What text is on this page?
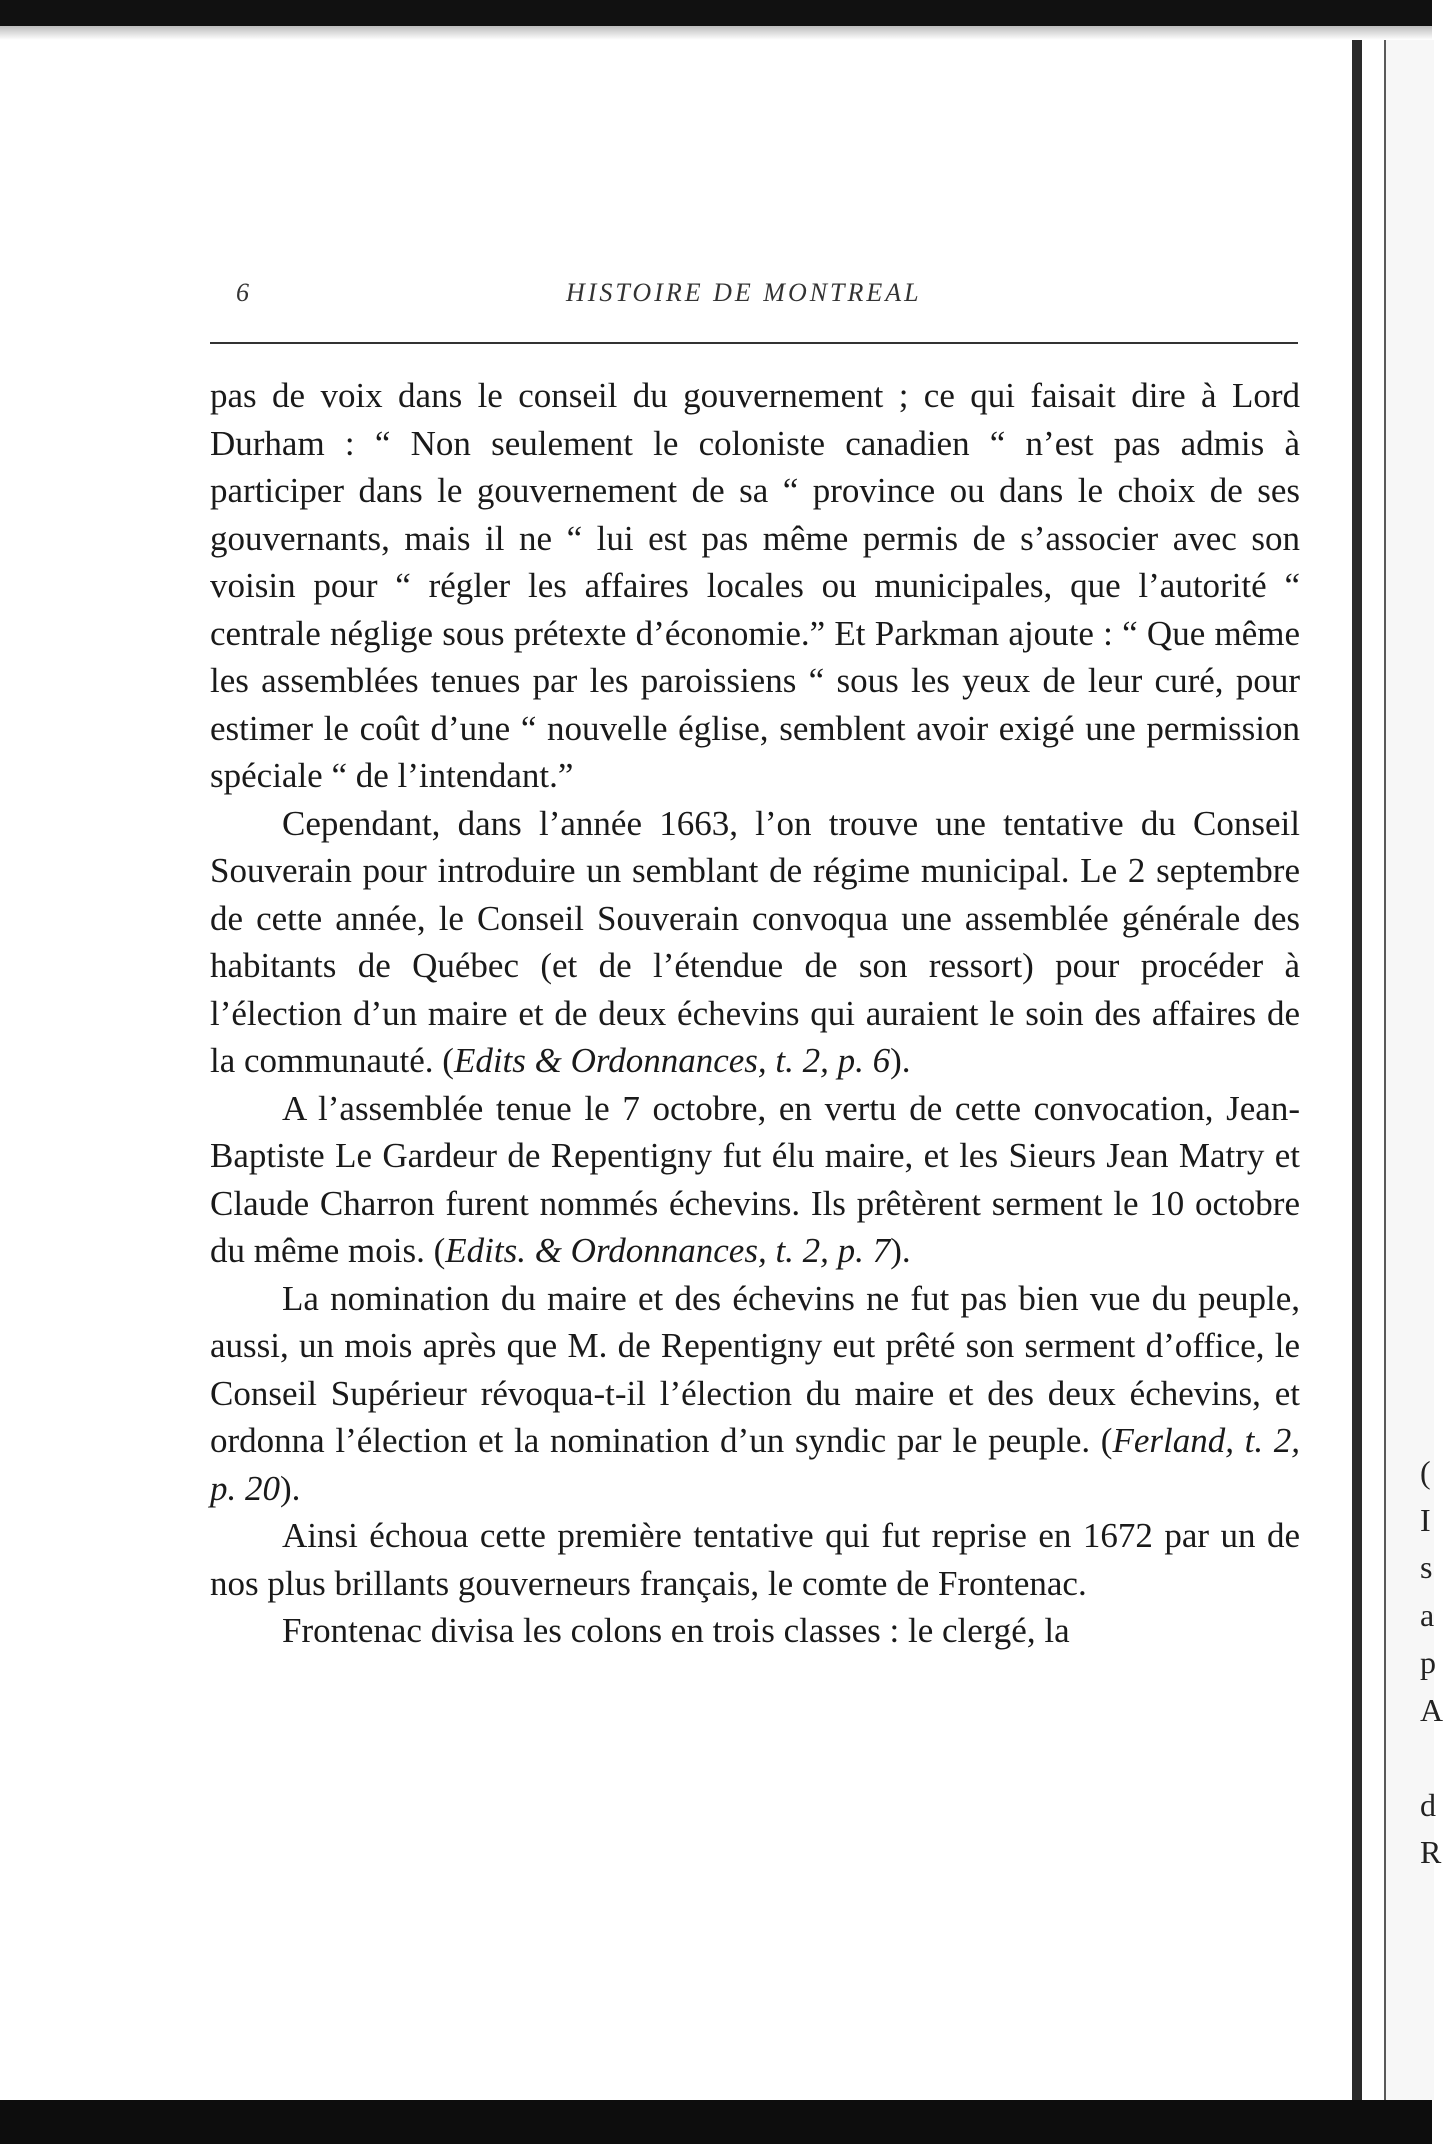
(
I
s
a
p
A
d
R
6	HISTOIRE DE MONTREAL

pas de voix dans le conseil du gouvernement ; ce qui faisait dire à Lord Durham : “ Non seulement le coloniste canadien “ n’est pas admis à participer dans le gouvernement de sa “ province ou dans le choix de ses gouvernants, mais il ne “ lui est pas même permis de s’associer avec son voisin pour “ régler les affaires locales ou municipales, que l’autorité “ centrale néglige sous prétexte d’économie.” Et Parkman ajoute : “ Que même les assemblées tenues par les paroissiens “ sous les yeux de leur curé, pour estimer le coût d’une “ nouvelle église, semblent avoir exigé une permission spéciale “ de l’intendant.”

Cependant, dans l’année 1663, l’on trouve une tentative du Conseil Souverain pour introduire un semblant de régime municipal. Le 2 septembre de cette année, le Conseil Souverain convoqua une assemblée générale des habitants de Québec (et de l’étendue de son ressort) pour procéder à l’élection d’un maire et de deux échevins qui auraient le soin des affaires de la communauté. (Edits & Ordonnances, t. 2, p. 6).

A l’assemblée tenue le 7 octobre, en vertu de cette convocation, Jean-Baptiste Le Gardeur de Repentigny fut élu maire, et les Sieurs Jean Matry et Claude Charron furent nommés échevins. Ils prêtèrent serment le 10 octobre du même mois. (Edits. & Ordonnances, t. 2, p. 7).

La nomination du maire et des échevins ne fut pas bien vue du peuple, aussi, un mois après que M. de Repentigny eut prêté son serment d’office, le Conseil Supérieur révoqua-t-il l’élection du maire et des deux échevins, et ordonna l’élection et la nomination d’un syndic par le peuple. (Ferland, t. 2, p. 20).

Ainsi échoua cette première tentative qui fut reprise en 1672 par un de nos plus brillants gouverneurs français, le comte de Frontenac.

Frontenac divisa les colons en trois classes : le clergé, la
